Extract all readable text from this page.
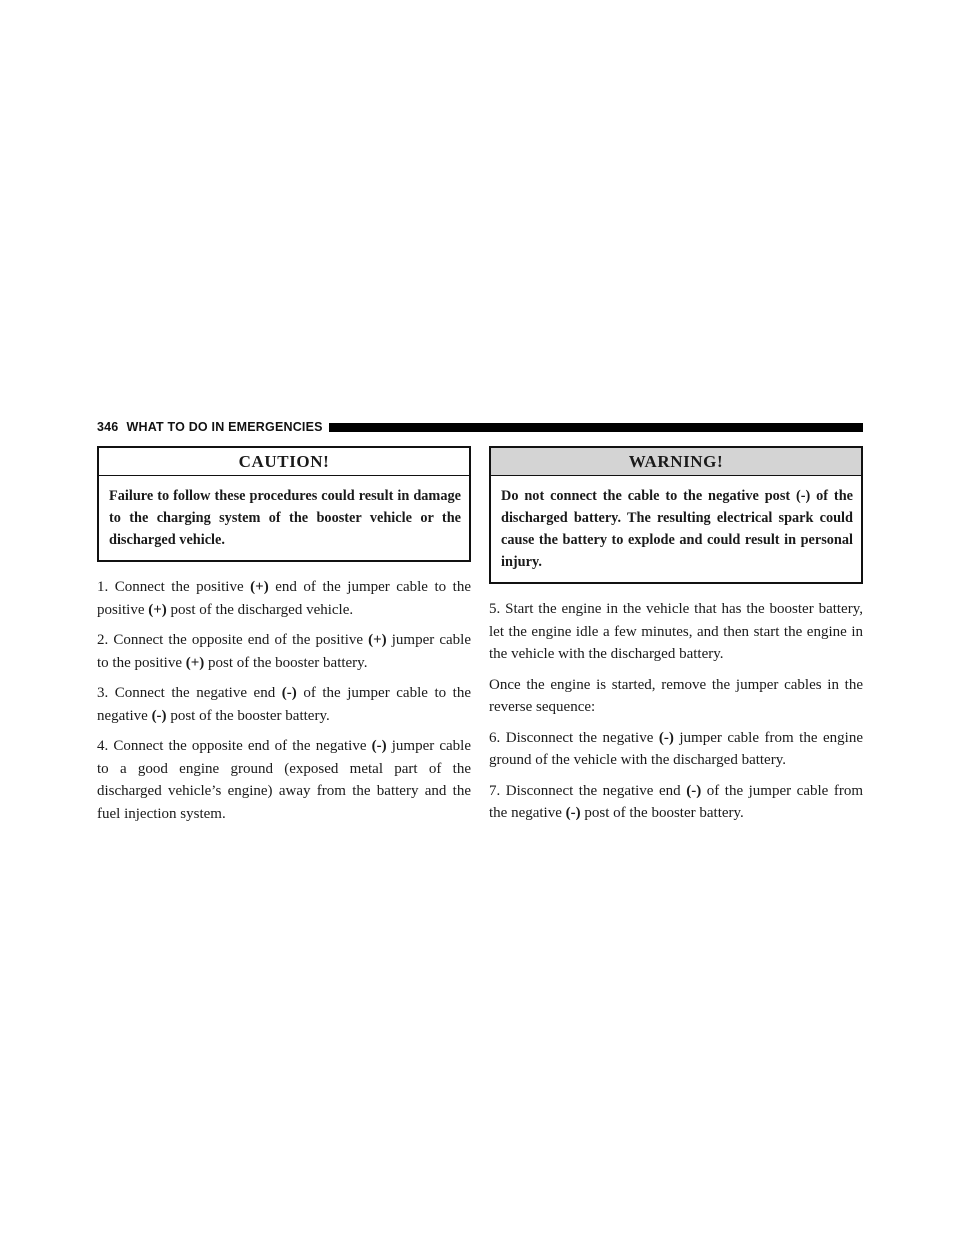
346 WHAT TO DO IN EMERGENCIES
CAUTION!
Failure to follow these procedures could result in damage to the charging system of the booster vehicle or the discharged vehicle.

1. Connect the positive (+) end of the jumper cable to the positive (+) post of the discharged vehicle.

2. Connect the opposite end of the positive (+) jumper cable to the positive (+) post of the booster battery.

3. Connect the negative end (-) of the jumper cable to the negative (-) post of the booster battery.

4. Connect the opposite end of the negative (-) jumper cable to a good engine ground (exposed metal part of the discharged vehicle’s engine) away from the battery and the fuel injection system.

WARNING!
Do not connect the cable to the negative post (-) of the discharged battery. The resulting electrical spark could cause the battery to explode and could result in personal injury.

5. Start the engine in the vehicle that has the booster battery, let the engine idle a few minutes, and then start the engine in the vehicle with the discharged battery.

Once the engine is started, remove the jumper cables in the reverse sequence:

6. Disconnect the negative (-) jumper cable from the engine ground of the vehicle with the discharged battery.

7. Disconnect the negative end (-) of the jumper cable from the negative (-) post of the booster battery.
